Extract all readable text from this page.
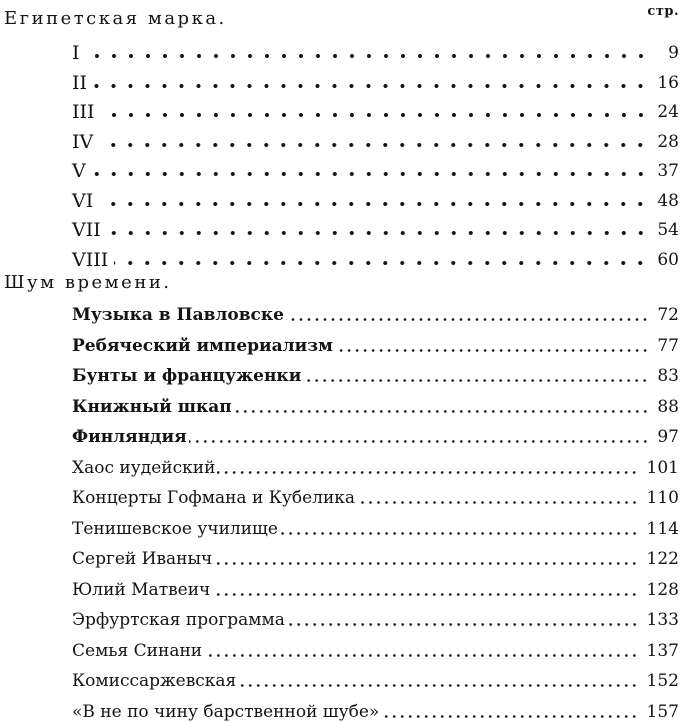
стр.
Египетская марка.
I	9
II	16
III	24
IV	28
V	37
VI	48
VII	54
VIII	60
Шум времени.
Музыка в Павловске	72
Ребяческий империализм	77
Бунты и француженки	83
Книжный шкап	88
Финляндия	97
Хаос иудейский	101
Концерты Гофмана и Кубелика	110
Тенишевское училище	114
Сергей Иваныч	122
Юлий Матвеич	128
Эрфуртская программа	133
Семья Синани	137
Комиссаржевская	152
«В не по чину барственной шубе»	157
